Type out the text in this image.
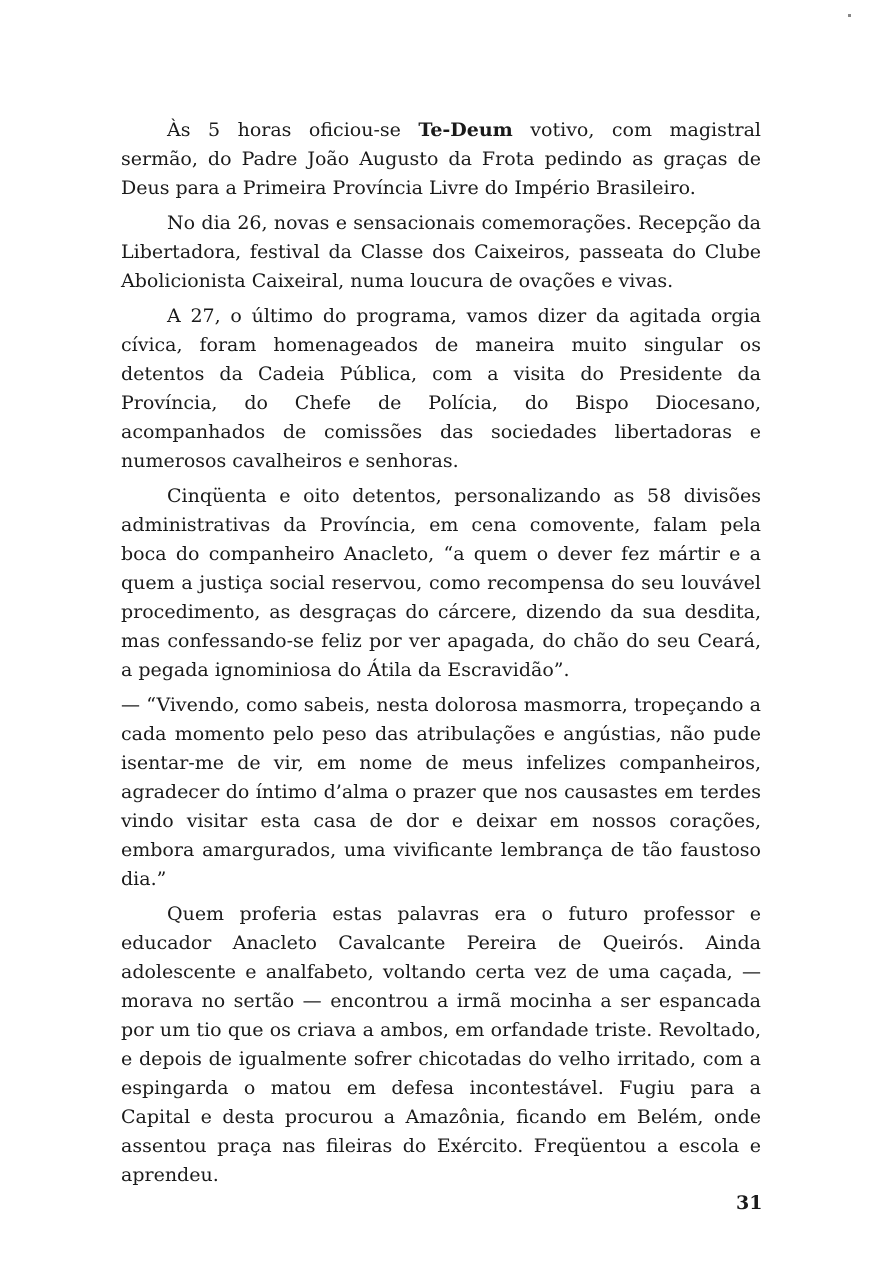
Às 5 horas oficiou-se Te-Deum votivo, com magistral sermão, do Padre João Augusto da Frota pedindo as graças de Deus para a Primeira Província Livre do Império Brasileiro.

No dia 26, novas e sensacionais comemorações. Recepção da Libertadora, festival da Classe dos Caixeiros, passeata do Clube Abolicionista Caixeiral, numa loucura de ovações e vivas.

A 27, o último do programa, vamos dizer da agitada orgia cívica, foram homenageados de maneira muito singular os detentos da Cadeia Pública, com a visita do Presidente da Província, do Chefe de Polícia, do Bispo Diocesano, acompanhados de comissões das sociedades libertadoras e numerosos cavalheiros e senhoras.

Cinqüenta e oito detentos, personalizando as 58 divisões administrativas da Província, em cena comovente, falam pela boca do companheiro Anacleto, “a quem o dever fez mártir e a quem a justiça social reservou, como recompensa do seu louvável procedimento, as desgraças do cárcere, dizendo da sua desdita, mas confessando-se feliz por ver apagada, do chão do seu Ceará, a pegada ignominiosa do Átila da Escravidão”.

— “Vivendo, como sabeis, nesta dolorosa masmorra, tropeçando a cada momento pelo peso das atribulações e angústias, não pude isentar-me de vir, em nome de meus infelizes companheiros, agradecer do íntimo d’alma o prazer que nos causastes em terdes vindo visitar esta casa de dor e deixar em nossos corações, embora amargurados, uma vivificante lembrança de tão faustoso dia.”

Quem proferia estas palavras era o futuro professor e educador Anacleto Cavalcante Pereira de Queirós. Ainda adolescente e analfabeto, voltando certa vez de uma caçada, — morava no sertão — encontrou a irmã mocinha a ser espancada por um tio que os criava a ambos, em orfandade triste. Revoltado, e depois de igualmente sofrer chicotadas do velho irritado, com a espingarda o matou em defesa incontestável. Fugiu para a Capital e desta procurou a Amazônia, ficando em Belém, onde assentou praça nas fileiras do Exército. Freqüentou a escola e aprendeu.

31
